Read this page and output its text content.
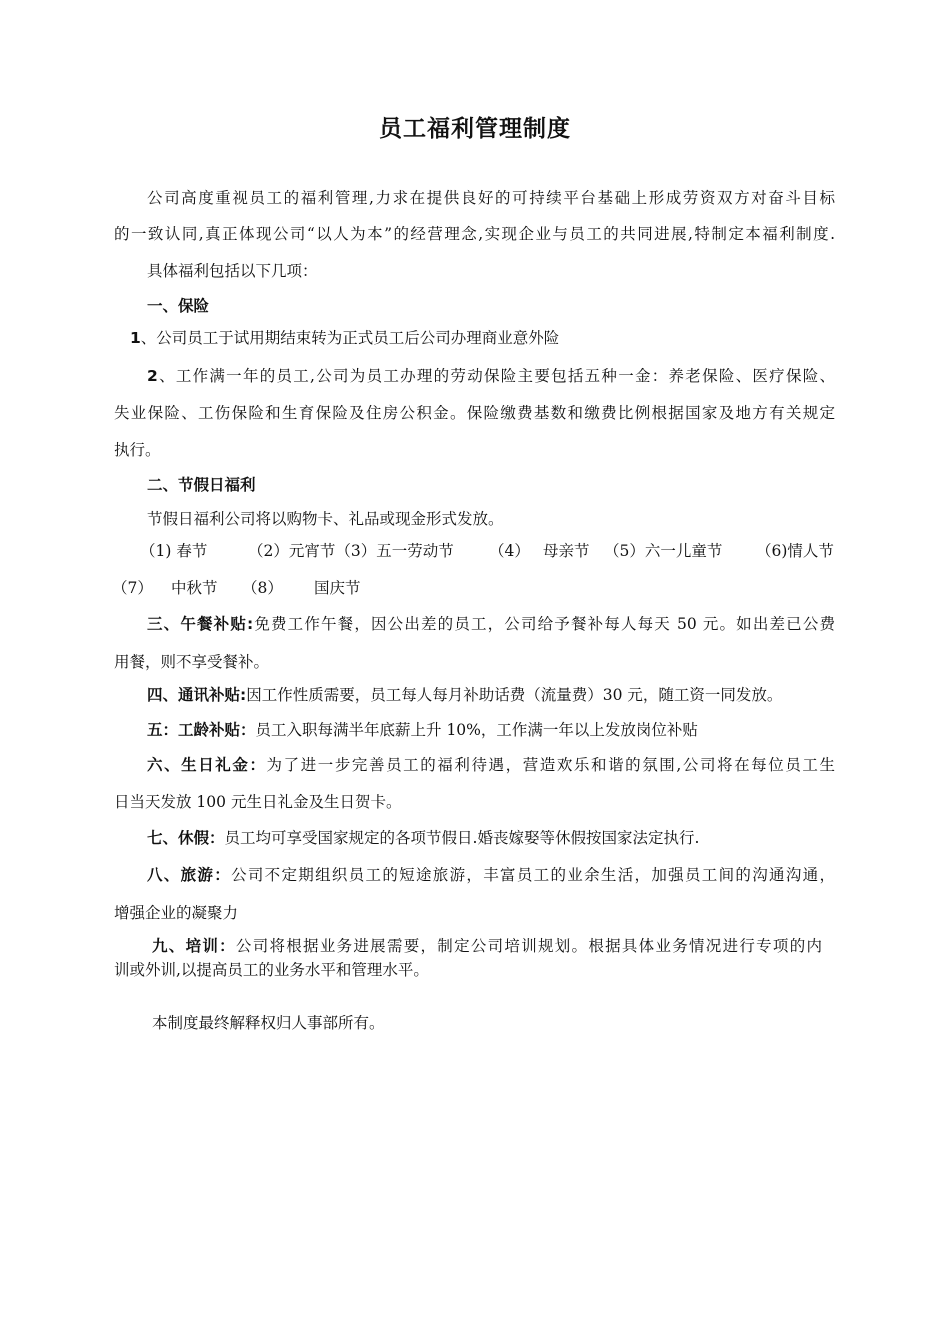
员工福利管理制度
公司高度重视员工的福利管理,力求在提供良好的可持续平台基础上形成劳资双方对奋斗目标
的一致认同,真正体现公司“以人为本”的经营理念,实现企业与员工的共同进展,特制定本福利制度.
具体福利包括以下几项：
一、保险
1、公司员工于试用期结束转为正式员工后公司办理商业意外险
2、工作满一年的员工,公司为员工办理的劳动保险主要包括五种一金：养老保险、医疗保险、
失业保险、工伤保险和生育保险及住房公积金。保险缴费基数和缴费比例根据国家及地方有关规定
执行。
二、节假日福利
节假日福利公司将以购物卡、礼品或现金形式发放。
（1) 春节	（2）元宵节（3）五一劳动节 （4） 母亲节 （5）六一儿童节 （6)情人节
（7） 中秋节 （8） 国庆节
三、午餐补贴:免费工作午餐，因公出差的员工，公司给予餐补每人每天 50 元。如出差已公费
用餐，则不享受餐补。
四、通讯补贴:因工作性质需要，员工每人每月补助话费（流量费）30 元，随工资一同发放。
五：工龄补贴：员工入职每满半年底薪上升 10%，工作满一年以上发放岗位补贴
六、生日礼金：为了进一步完善员工的福利待遇，营造欢乐和谐的氛围,公司将在每位员工生
日当天发放 100 元生日礼金及生日贺卡。
七、休假：员工均可享受国家规定的各项节假日.婚丧嫁娶等休假按国家法定执行.
八、旅游：公司不定期组织员工的短途旅游，丰富员工的业余生活，加强员工间的沟通沟通，
增强企业的凝聚力
九、培训：公司将根据业务进展需要，制定公司培训规划。根据具体业务情况进行专项的内
训或外训,以提高员工的业务水平和管理水平。
本制度最终解释权归人事部所有。
